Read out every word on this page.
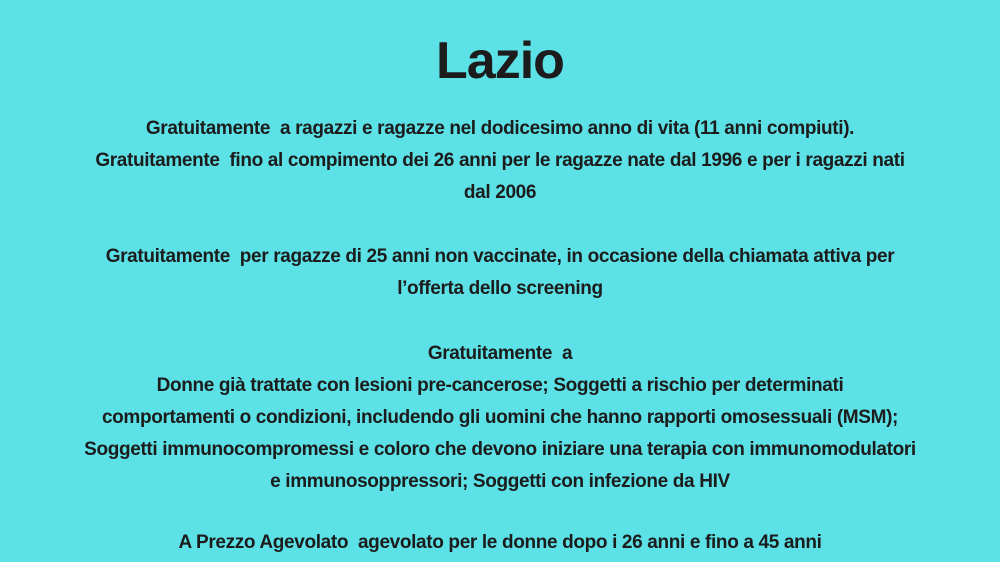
Lazio
Gratuitamente  a ragazzi e ragazze nel dodicesimo anno di vita (11 anni compiuti).
Gratuitamente  fino al compimento dei 26 anni per le ragazze nate dal 1996 e per i ragazzi nati
dal 2006
Gratuitamente  per ragazze di 25 anni non vaccinate, in occasione della chiamata attiva per
l’offerta dello screening
Gratuitamente  a
Donne già trattate con lesioni pre-cancerose; Soggetti a rischio per determinati
comportamenti o condizioni, includendo gli uomini che hanno rapporti omosessuali (MSM);
Soggetti immunocompromessi e coloro che devono iniziare una terapia con immunomodulatori
e immunosoppressori; Soggetti con infezione da HIV
A Prezzo Agevolato  agevolato per le donne dopo i 26 anni e fino a 45 anni
